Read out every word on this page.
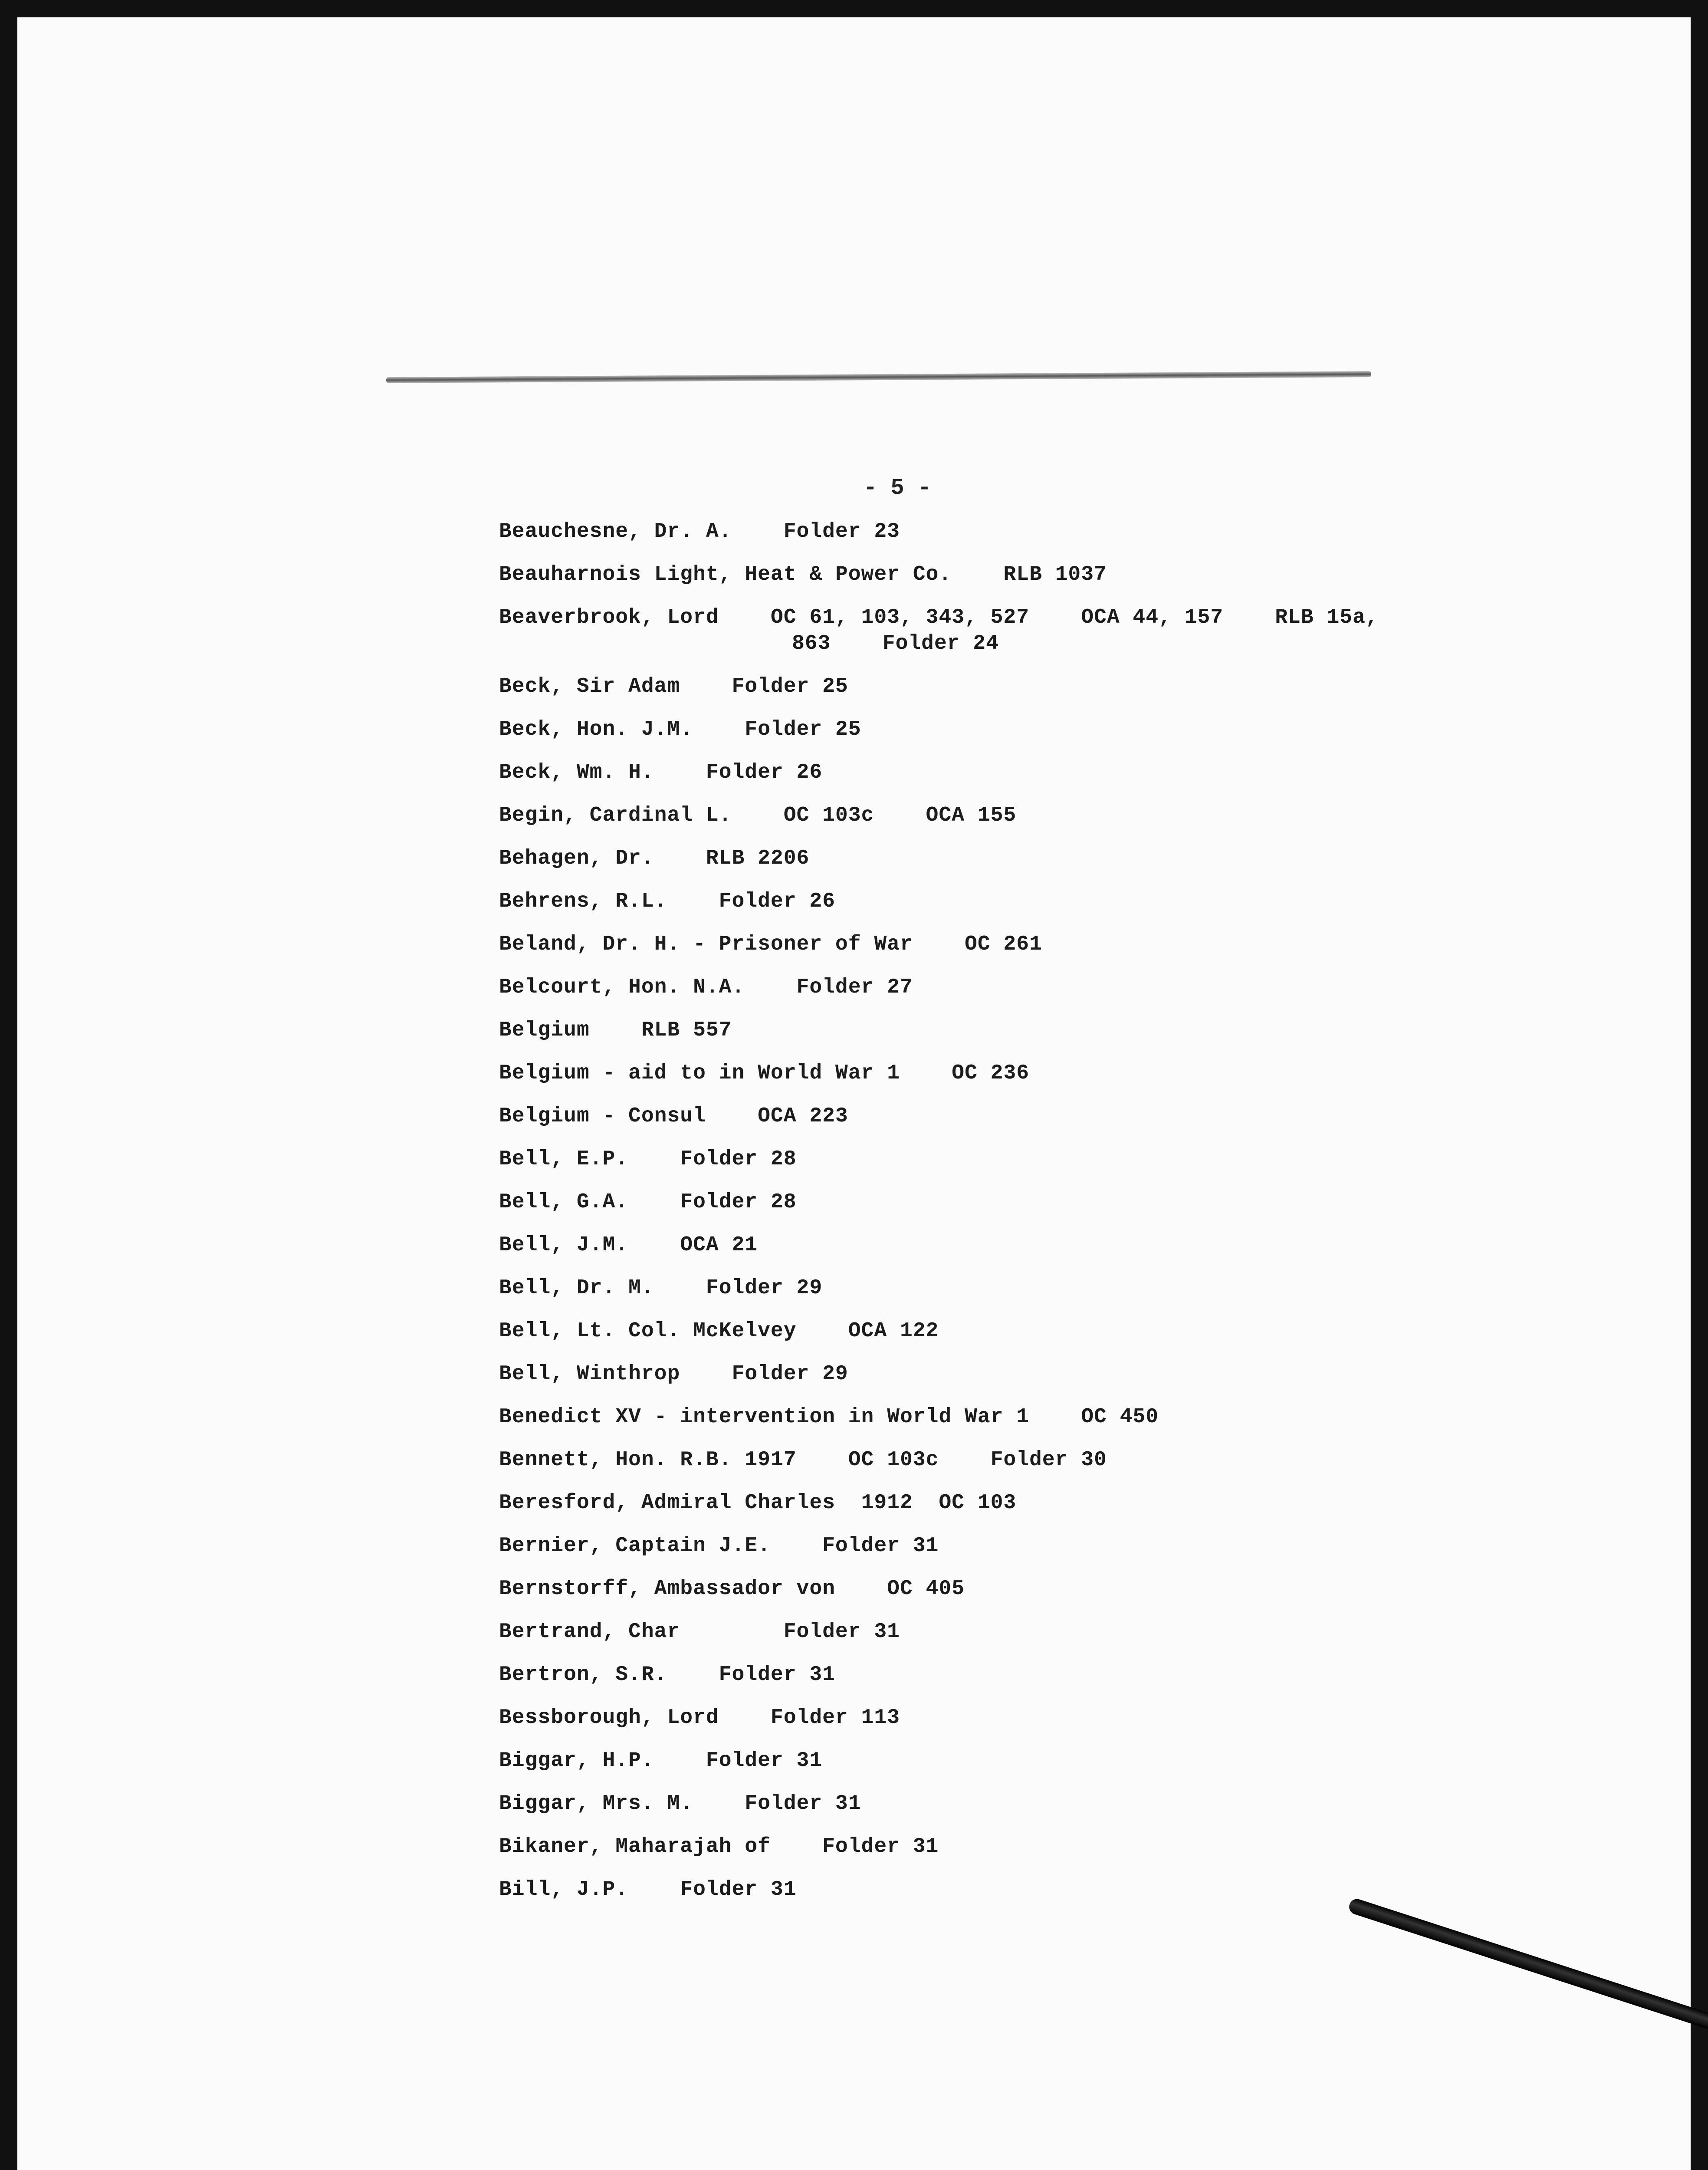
- 5 -
Beauchesne, Dr. A.    Folder 23
Beauharnois Light, Heat & Power Co.    RLB 1037
Beaverbrook, Lord    OC 61, 103, 343, 527    OCA 44, 157    RLB 15a,
863    Folder 24
Beck, Sir Adam    Folder 25
Beck, Hon. J.M.    Folder 25
Beck, Wm. H.    Folder 26
Begin, Cardinal L.    OC 103c    OCA 155
Behagen, Dr.    RLB 2206
Behrens, R.L.    Folder 26
Beland, Dr. H. - Prisoner of War    OC 261
Belcourt, Hon. N.A.    Folder 27
Belgium    RLB 557
Belgium - aid to in World War 1    OC 236
Belgium - Consul    OCA 223
Bell, E.P.    Folder 28
Bell, G.A.    Folder 28
Bell, J.M.    OCA 21
Bell, Dr. M.    Folder 29
Bell, Lt. Col. McKelvey    OCA 122
Bell, Winthrop    Folder 29
Benedict XV - intervention in World War 1    OC 450
Bennett, Hon. R.B. 1917    OC 103c    Folder 30
Beresford, Admiral Charles  1912  OC 103
Bernier, Captain J.E.    Folder 31
Bernstorff, Ambassador von    OC 405
Bertrand, Char        Folder 31
Bertron, S.R.    Folder 31
Bessborough, Lord    Folder 113
Biggar, H.P.    Folder 31
Biggar, Mrs. M.    Folder 31
Bikaner, Maharajah of    Folder 31
Bill, J.P.    Folder 31
